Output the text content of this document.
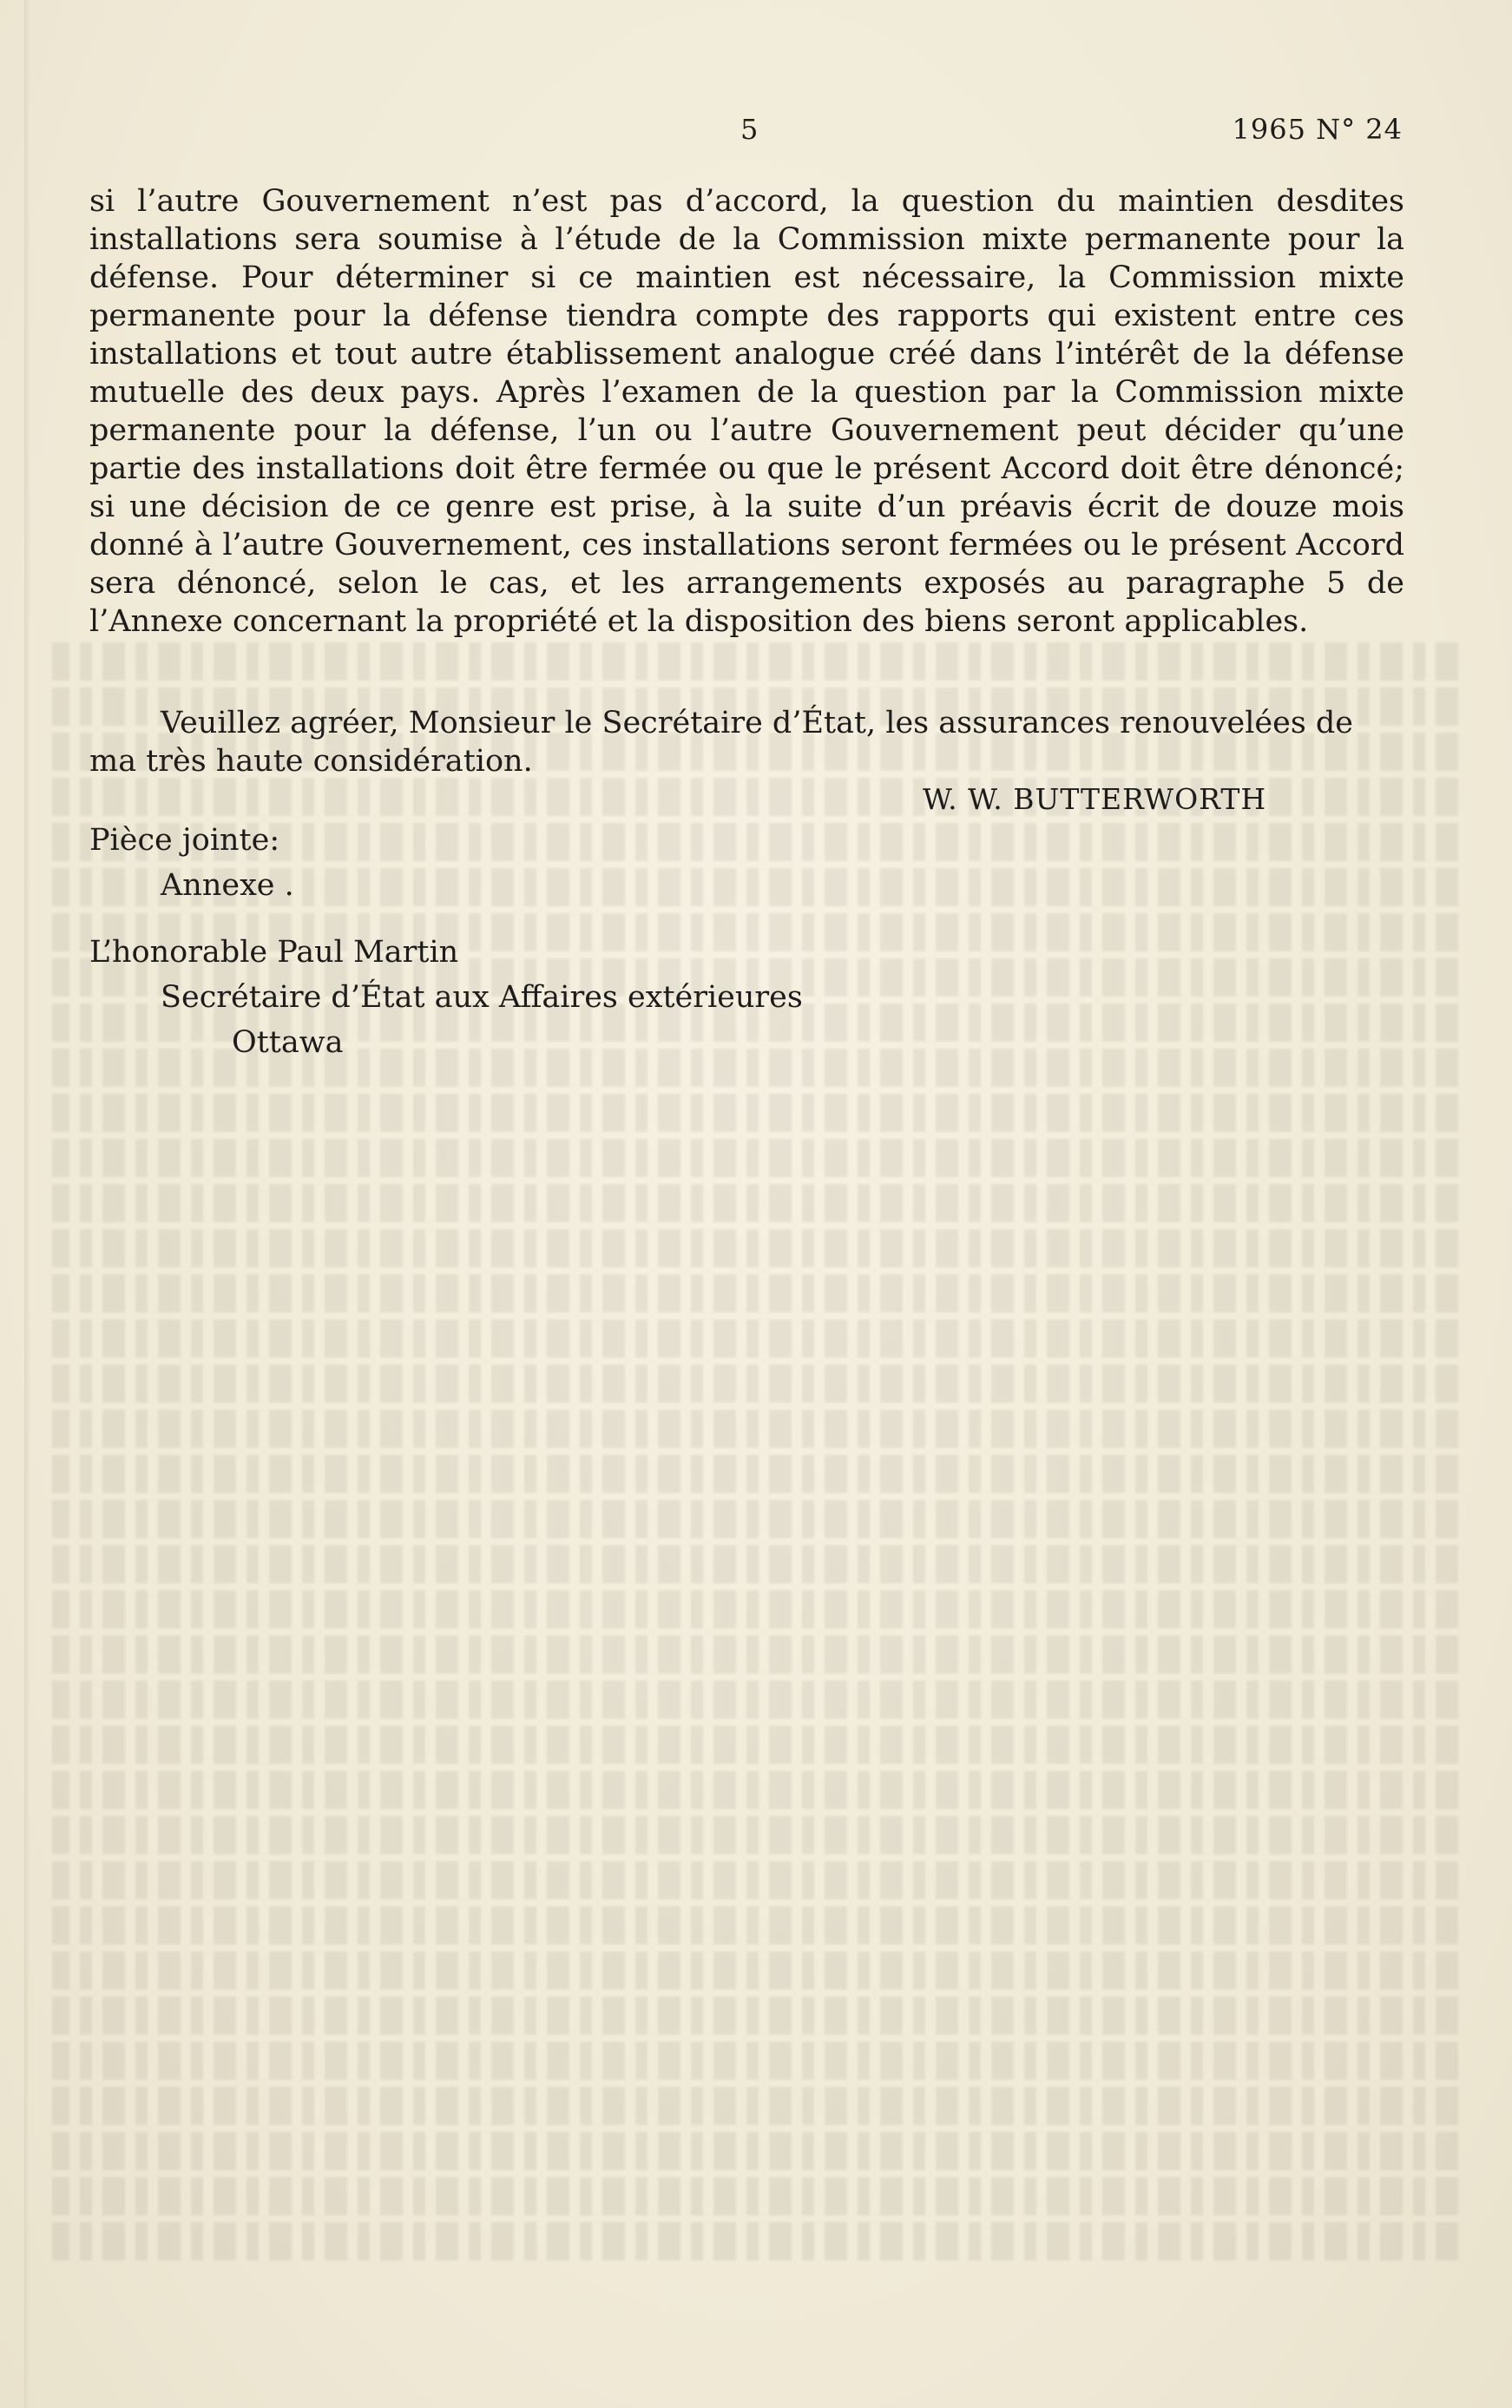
5	1965 N° 24

si l’autre Gouvernement n’est pas d’accord, la question du maintien desdites installations sera soumise à l’étude de la Commission mixte permanente pour la défense. Pour déterminer si ce maintien est nécessaire, la Commission mixte permanente pour la défense tiendra compte des rapports qui existent entre ces installations et tout autre établissement analogue créé dans l’intérêt de la défense mutuelle des deux pays. Après l’examen de la question par la Commission mixte permanente pour la défense, l’un ou l’autre Gouvernement peut décider qu’une partie des installations doit être fermée ou que le présent Accord doit être dénoncé; si une décision de ce genre est prise, à la suite d’un préavis écrit de douze mois donné à l’autre Gouvernement, ces installations seront fermées ou le présent Accord sera dénoncé, selon le cas, et les arrangements exposés au paragraphe 5 de l’Annexe concernant la propriété et la disposition des biens seront applicables.

Veuillez agréer, Monsieur le Secrétaire d’État, les assurances renouvelées de ma très haute considération.

W. W. BUTTERWORTH
Pièce jointe:
Annexe .
L’honorable Paul Martin
Secrétaire d’État aux Affaires extérieures
Ottawa
